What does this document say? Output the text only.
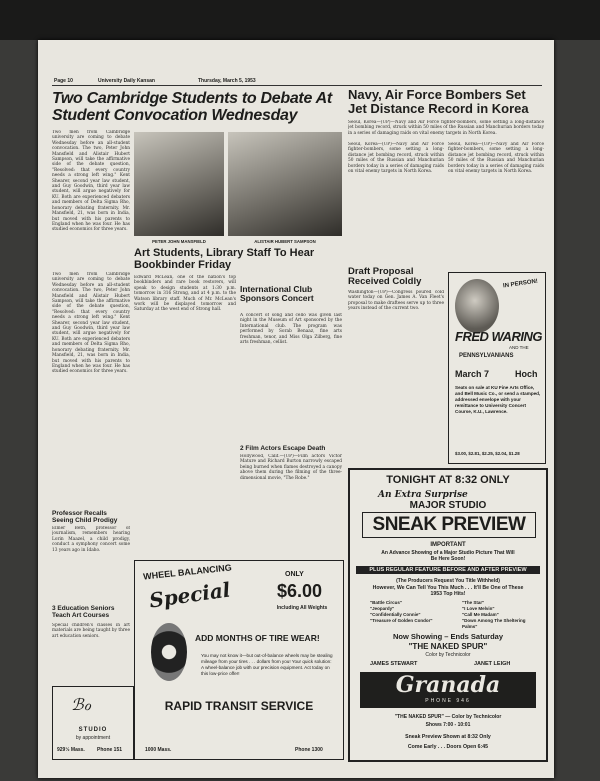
Page 10	University Daily Kansan	Thursday, March 5, 1953
Two Cambridge Students to Debate At Student Convocation Wednesday
Two men from Cambridge university are coming to debate Wednesday before an all-student convocation. The two, Peter John Mansfield and Alistair Hubert Sampson, will take the affirmative side of the debate question, "Resolved: that every country needs a strong left wing." Kent Shearer, second year law student, and Guy Goodwin, third year law student, will argue negatively for KU. Both are experienced debaters and members of Delta Sigma Rho, honorary debating fraternity. Mr. Mansfield, 21, was born in India, but moved with his parents to England when he was four. He has studied economics for three years.
PETER JOHN MANSFIELD	ALISTAIR HUBERT SAMPSON
Art Students, Library Staff To Hear Bookbinder Friday
Edward McLean, one of the nation's top bookbinders and rare book restorers, will speak to design students at 1:30 p.m. tomorrow in 316 Strong, and at 4 p.m. to the Watson library staff. Much of Mr. McLean's work will be displayed tomorrow and Saturday at the west end of Strong hall.
International Club Sponsors Concert
A concert of song and cello was given last night in the Museum of Art sponsored by the International club. The program was performed by Sorab Benaaz, fine arts freshman, tenor, and Miss Olga Zilberg, fine arts freshman, cellist.
2 Film Actors Escape Death
Hollywood, Calif.—(UP)—Film actors Victor Mature and Richard Burton narrowly escaped being burned when flames destroyed a canopy above them during the filming of the three-dimensional movie, "The Robe."
Two men from Cambridge university are coming to debate Wednesday before an all-student convocation. The two, Peter John Mansfield and Alistair Hubert Sampson, will take the affirmative side of the debate question, "Resolved: that every country needs a strong left wing." Kent Shearer, second year law student, and Guy Goodwin, third year law student, will argue negatively for KU. Both are experienced debaters and members of Delta Sigma Rho, honorary debating fraternity. Mr. Mansfield, 21, was born in India, but moved with his parents to England when he was four. He has studied economics for three years.
Professor Recalls Seeing Child Prodigy
Elmer Beth, professor of journalism, remembers hearing Lorin Maazel, a child prodigy, conduct a symphony concert some 13 years ago in Idaho.
3 Education Seniors Teach Art Courses
Special children's classes in art materials are being taught by three art education seniors.
ℬℴ
STUDIO
by appointment
929½ Mass. Phone 151
Navy, Air Force Bombers Set Jet Distance Record in Korea
Seoul, Korea—(UP)—Navy and Air Force fighter-bombers, some setting a long-distance jet bombing record, struck within 50 miles of the Russian and Manchurian borders today in a series of damaging raids on vital enemy targets in North Korea.
Seoul, Korea—(UP)—Navy and Air Force fighter-bombers, some setting a long-distance jet bombing record, struck within 50 miles of the Russian and Manchurian borders today in a series of damaging raids on vital enemy targets in North Korea.
Seoul, Korea—(UP)—Navy and Air Force fighter-bombers, some setting a long-distance jet bombing record, struck within 50 miles of the Russian and Manchurian borders today in a series of damaging raids on vital enemy targets in North Korea.
Draft Proposal Received Coldly
Washington—(UP)—Congress poured cold water today on Gen. James A. Van Fleet's proposal to make draftees serve up to three years instead of the current two.
IN PERSON!
FRED WARING
AND THE
PENNSYLVANIANS
March 7	Hoch
Seats on sale at KU Fine Arts Office, and Bell Music Co., or send a stamped, addressed envelope with your remittance to University Concert Course, K.U., Lawrence.
$3.00, $2.81, $2.25, $2.04, $1.28
WHEEL BALANCING
Special
ONLY
$6.00
Including All Weights
ADD MONTHS OF TIRE WEAR!
You may not know it—but out-of-balance wheels may be stealing mileage from your tires . . . dollars from you! Your quick solution: A wheel-balance job with our precision equipment. Act today on this low-price offer!
RAPID TRANSIT SERVICE
1000 Mass.	Phone 1300
TONIGHT AT 8:32 ONLY
An Extra Surprise
MAJOR STUDIO
SNEAK PREVIEW
IMPORTANT
An Advance Showing of a Major Studio Picture That Will Be Here Soon!
PLUS REGULAR FEATURE BEFORE AND AFTER PREVIEW
(The Producers Request You Title Withheld)
However, We Can Tell You This Much . . . It'll Be One of These 1953 Top Hits!
"Battle Circus"
"Jeopardy"
"Confidentially Connie"
"Treasure of Golden Condor"
"The Star"
"I Love Melvin"
"Call Me Madam"
"Down Among The Sheltering Palms"
Now Showing – Ends Saturday
"THE NAKED SPUR"
Color by Technicolor
JAMES STEWART	JANET LEIGH
Granada
PHONE 946
"THE NAKED SPUR" — Color by Technicolor
Shows 7:00 - 10:01
Sneak Preview Shown at 8:32 Only
Come Early . . . Doors Open 6:45
